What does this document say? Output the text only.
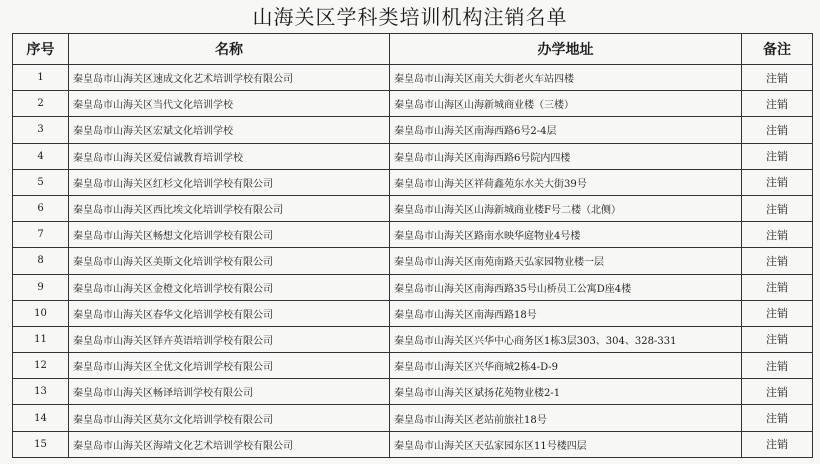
山海关区学科类培训机构注销名单
序号	名称	办学地址	备注
1	秦皇岛市山海关区速成文化艺术培训学校有限公司	秦皇岛市山海关区南关大街老火车站四楼	注销
2	秦皇岛市山海关区当代文化培训学校	秦皇岛市山海区山海新城商业楼（三楼）	注销
3	秦皇岛市山海关区宏斌文化培训学校	秦皇岛市山海关区南海西路6号2-4层	注销
4	秦皇岛市山海关区爱信诚教育培训学校	秦皇岛市山海关区南海西路6号院内四楼	注销
5	秦皇岛市山海关区红杉文化培训学校有限公司	秦皇岛市山海关区祥荷鑫苑东水关大街39号	注销
6	秦皇岛市山海关区西比埃文化培训学校有限公司	秦皇岛市山海关区山海新城商业楼F号二楼（北侧）	注销
7	秦皇岛市山海关区畅想文化培训学校有限公司	秦皇岛市山海关区路南水映华庭物业4号楼	注销
8	秦皇岛市山海关区美斯文化培训学校有限公司	秦皇岛市山海关区南苑南路天弘家园物业楼一层	注销
9	秦皇岛市山海关区金橙文化培训学校有限公司	秦皇岛市山海关区南海西路35号山桥员工公寓D座4楼	注销
10	秦皇岛市山海关区春华文化培训学校有限公司	秦皇岛市山海关区南海西路18号	注销
11	秦皇岛市山海关区铎卉英语培训学校有限公司	秦皇岛市山海关区兴华中心商务区1栋3层303、304、328-331	注销
12	秦皇岛市山海关区全优文化培训学校有限公司	秦皇岛市山海关区兴华商城2栋4-D-9	注销
13	秦皇岛市山海关区畅译培训学校有限公司	秦皇岛市山海关区斌扬花苑物业楼2-1	注销
14	秦皇岛市山海关区莫尔文化培训学校有限公司	秦皇岛市山海关区老站前旅社18号	注销
15	秦皇岛市山海关区海靖文化艺术培训学校有限公司	秦皇岛市山海关区天弘家园东区11号楼四层	注销
